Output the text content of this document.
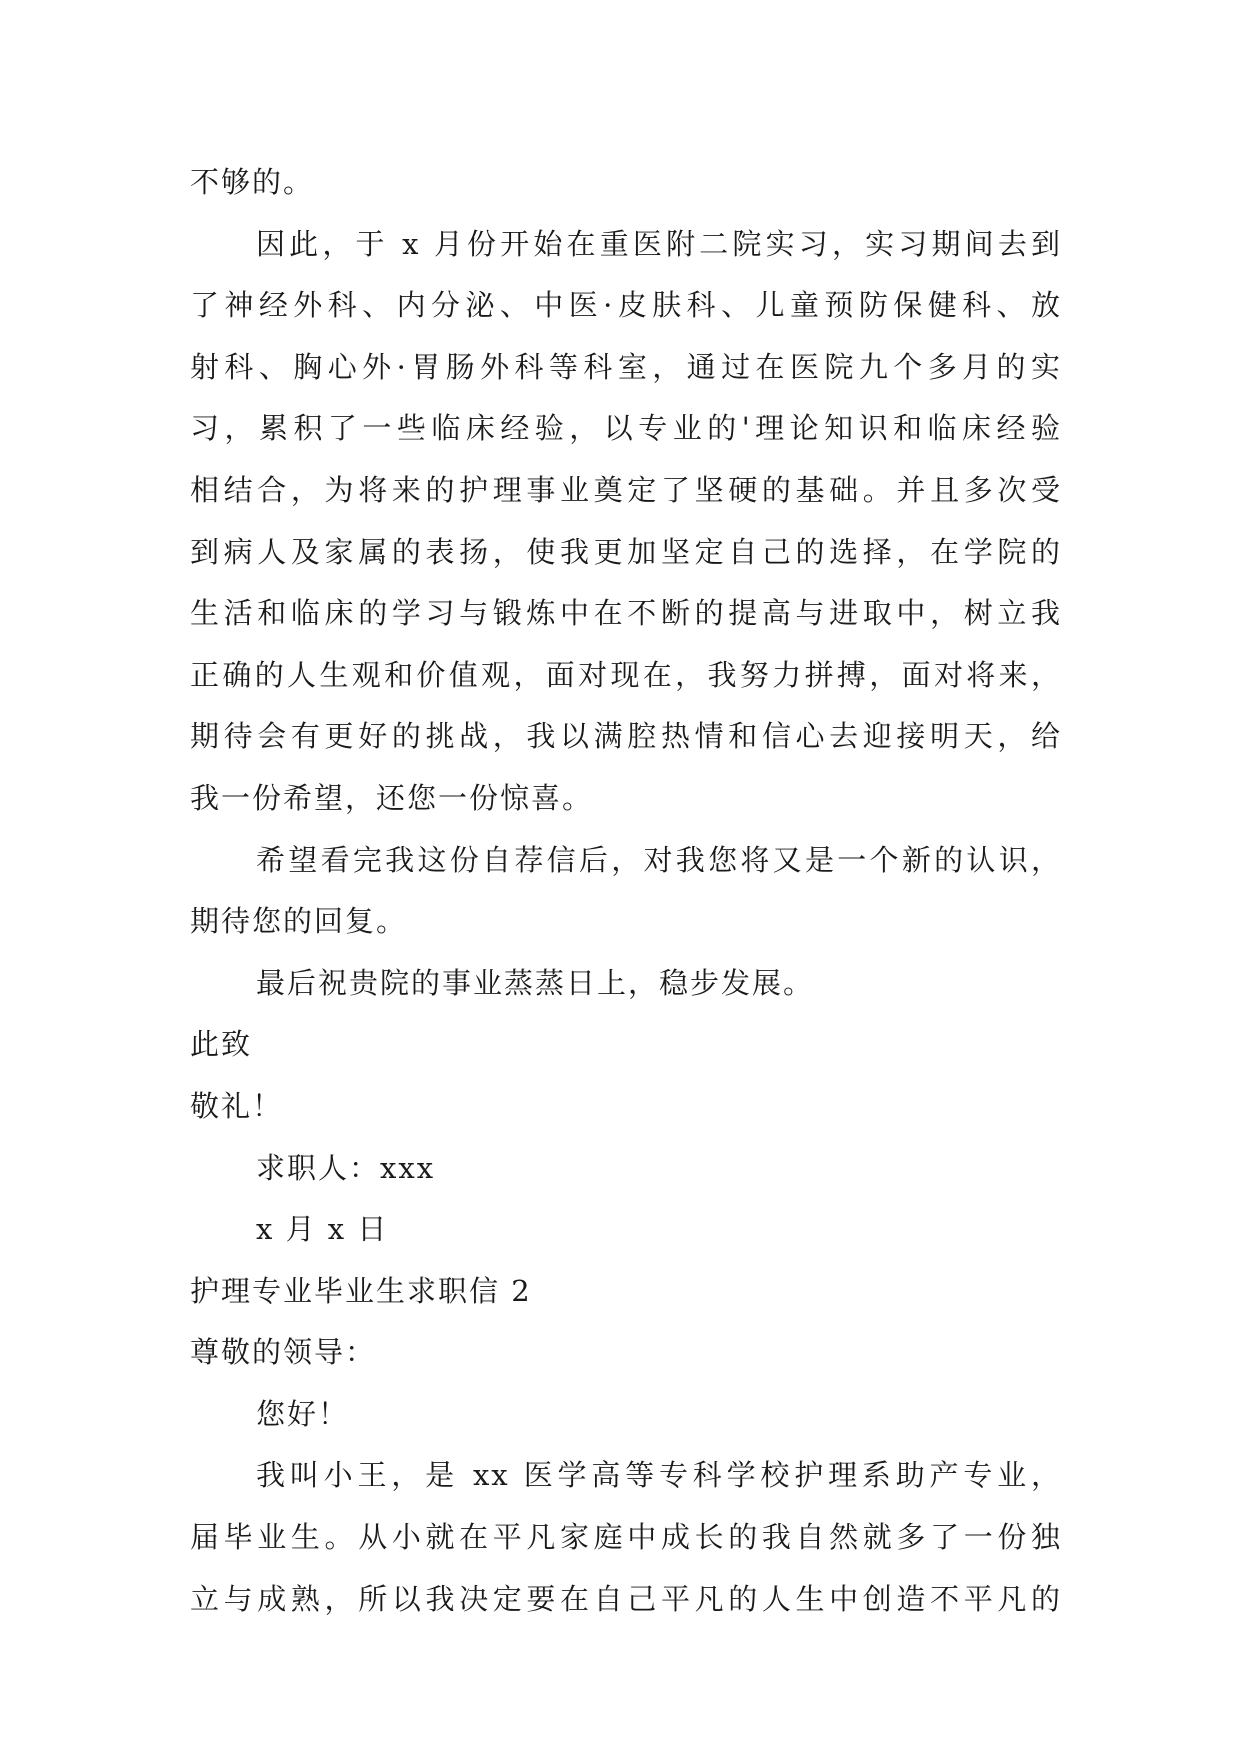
不够的。
因此，于 x 月份开始在重医附二院实习，实习期间去到
了神经外科、内分泌、中医·皮肤科、儿童预防保健科、放
射科、胸心外·胃肠外科等科室，通过在医院九个多月的实
习，累积了一些临床经验，以专业的'理论知识和临床经验
相结合，为将来的护理事业奠定了坚硬的基础。并且多次受
到病人及家属的表扬，使我更加坚定自己的选择，在学院的
生活和临床的学习与锻炼中在不断的提高与进取中，树立我
正确的人生观和价值观，面对现在，我努力拼搏，面对将来，
期待会有更好的挑战，我以满腔热情和信心去迎接明天，给
我一份希望，还您一份惊喜。
希望看完我这份自荐信后，对我您将又是一个新的认识，
期待您的回复。
最后祝贵院的事业蒸蒸日上，稳步发展。
此致
敬礼！
求职人：xxx
x 月 x 日
护理专业毕业生求职信 2
尊敬的领导：
您好！
我叫小王，是 xx 医学高等专科学校护理系助产专业，
届毕业生。从小就在平凡家庭中成长的我自然就多了一份独
立与成熟，所以我决定要在自己平凡的人生中创造不平凡的
